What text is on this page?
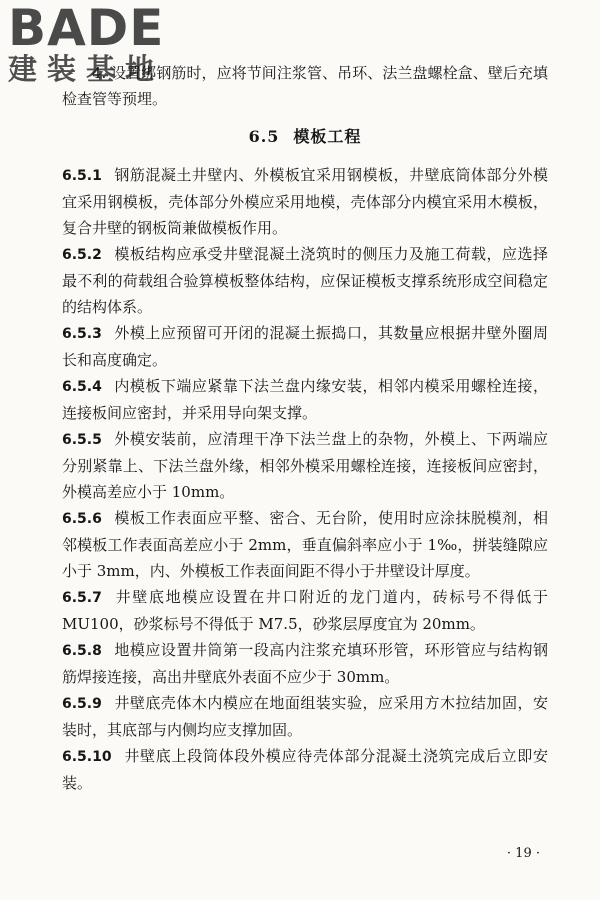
BADE
建装基地

4. 设置绑钢筋时，应将节间注浆管、吊环、法兰盘螺栓盒、壁后充填检查管等预埋。

6.5 模板工程

6.5.1 钢筋混凝土井壁内、外模板宜采用钢模板，井壁底筒体部分外模宜采用钢模板，壳体部分外模应采用地模，壳体部分内模宜采用木模板，复合井壁的钢板筒兼做模板作用。

6.5.2 模板结构应承受井壁混凝土浇筑时的侧压力及施工荷载，应选择最不利的荷载组合验算模板整体结构，应保证模板支撑系统形成空间稳定的结构体系。

6.5.3 外模上应预留可开闭的混凝土振捣口，其数量应根据井壁外圈周长和高度确定。

6.5.4 内模板下端应紧靠下法兰盘内缘安装，相邻内模采用螺栓连接，连接板间应密封，并采用导向架支撑。

6.5.5 外模安装前，应清理干净下法兰盘上的杂物，外模上、下两端应分别紧靠上、下法兰盘外缘，相邻外模采用螺栓连接，连接板间应密封，外模高差应小于 10mm。

6.5.6 模板工作表面应平整、密合、无台阶，使用时应涂抹脱模剂，相邻模板工作表面高差应小于 2mm，垂直偏斜率应小于 1‰，拼装缝隙应小于 3mm，内、外模板工作表面间距不得小于井壁设计厚度。

6.5.7 井壁底地模应设置在井口附近的龙门道内，砖标号不得低于 MU100，砂浆标号不得低于 M7.5，砂浆层厚度宜为 20mm。

6.5.8 地模应设置井筒第一段高内注浆充填环形管，环形管应与结构钢筋焊接连接，高出井壁底外表面不应少于 30mm。

6.5.9 井壁底壳体木内模应在地面组装实验，应采用方木拉结加固，安装时，其底部与内侧均应支撑加固。

6.5.10 井壁底上段筒体段外模应待壳体部分混凝土浇筑完成后立即安装。

· 19 ·
